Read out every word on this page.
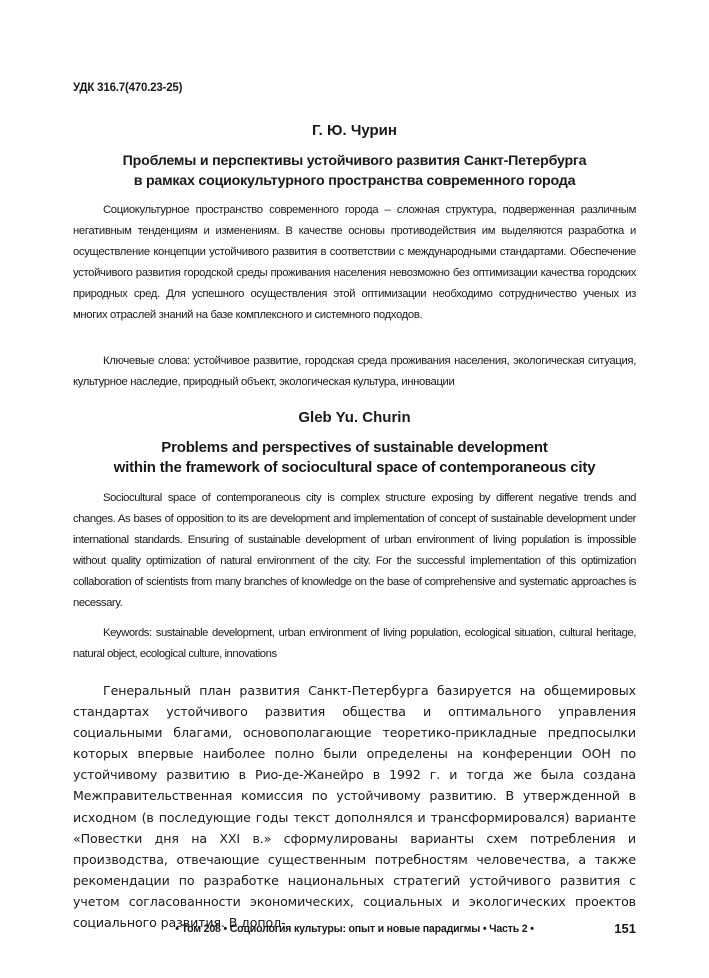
УДК 316.7(470.23-25)
Г. Ю. Чурин
Проблемы и перспективы устойчивого развития Санкт-Петербурга
в рамках социокультурного пространства современного города

Социокультурное пространство современного города – сложная структура, подверженная различным негативным тенденциям и изменениям. В качестве основы противодействия им выделяются разработка и осуществление концепции устойчивого развития в соответствии с международными стандартами. Обеспечение устойчивого развития городской среды проживания населения невозможно без оптимизации качества городских природных сред. Для успешного осуществления этой оптимизации необходимо сотрудничество ученых из многих отраслей знаний на базе комплексного и системного подходов.

Ключевые слова: устойчивое развитие, городская среда проживания населения, экологическая ситуация, культурное наследие, природный объект, экологическая культура, инновации

Gleb Yu. Churin
Problems and perspectives of sustainable development
within the framework of sociocultural space of contemporaneous city

Sociocultural space of contemporaneous city is complex structure exposing by different negative trends and changes. As bases of opposition to its are development and implementation of concept of sustainable development under international standards. Ensuring of sustainable development of urban environment of living population is impossible without quality optimization of natural environment of the city. For the successful implementation of this optimization collaboration of scientists from many branches of knowledge on the base of comprehensive and systematic approaches is necessary.

Keywords: sustainable development, urban environment of living population, ecological situation, cultural heritage, natural object, ecological culture, innovations

Генеральный план развития Санкт-Петербурга базируется на общемировых стандартах устойчивого развития общества и оптимального управления социальными благами, основополагающие теоретико-прикладные предпосылки которых впервые наиболее полно были определены на конференции ООН по устойчивому развитию в Рио-де-Жанейро в 1992 г. и тогда же была создана Межправительственная комиссия по устойчивому развитию. В утвержденной в исходном (в последующие годы текст дополнялся и трансформировался) варианте «Повестки дня на XXI в.» сформулированы варианты схем потребления и производства, отвечающие существенным потребностям человечества, а также рекомендации по разработке национальных стратегий устойчивого развития с учетом согласованности экономических, социальных и экологических проектов социального развития. В допол-

• Том 208 • Социология культуры: опыт и новые парадигмы • Часть 2 •	151
